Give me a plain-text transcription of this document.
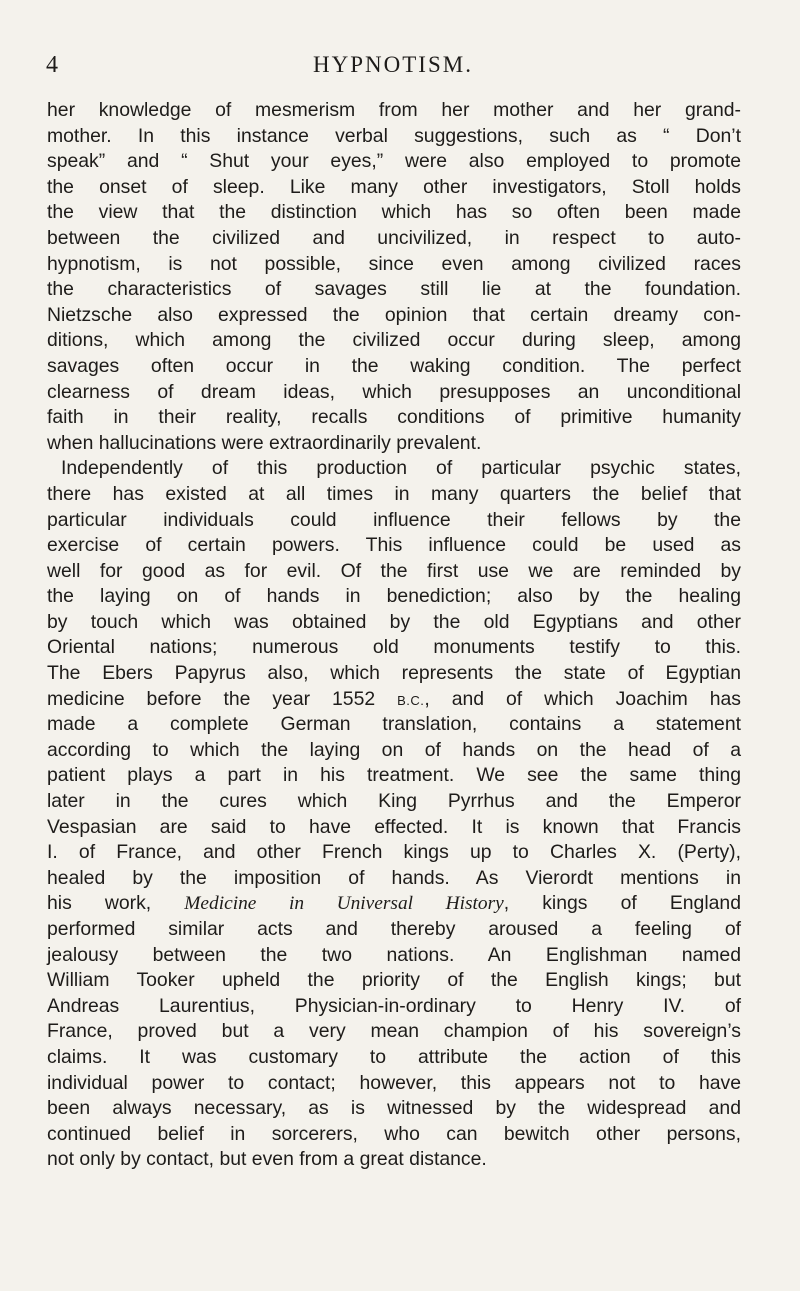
4	HYPNOTISM.
her knowledge of mesmerism from her mother and her grand-
mother. In this instance verbal suggestions, such as “ Don’t
speak” and “ Shut your eyes,” were also employed to promote
the onset of sleep. Like many other investigators, Stoll holds
the view that the distinction which has so often been made
between the civilized and uncivilized, in respect to auto-
hypnotism, is not possible, since even among civilized races
the characteristics of savages still lie at the foundation.
Nietzsche also expressed the opinion that certain dreamy con-
ditions, which among the civilized occur during sleep, among
savages often occur in the waking condition. The perfect
clearness of dream ideas, which presupposes an unconditional
faith in their reality, recalls conditions of primitive humanity
when hallucinations were extraordinarily prevalent.
Independently of this production of particular psychic states,
there has existed at all times in many quarters the belief that
particular individuals could influence their fellows by the
exercise of certain powers. This influence could be used as
well for good as for evil. Of the first use we are reminded by
the laying on of hands in benediction; also by the healing
by touch which was obtained by the old Egyptians and other
Oriental nations; numerous old monuments testify to this.
The Ebers Papyrus also, which represents the state of Egyptian
medicine before the year 1552 B.C., and of which Joachim has
made a complete German translation, contains a statement
according to which the laying on of hands on the head of a
patient plays a part in his treatment. We see the same thing
later in the cures which King Pyrrhus and the Emperor
Vespasian are said to have effected. It is known that Francis
I. of France, and other French kings up to Charles X. (Perty),
healed by the imposition of hands. As Vierordt mentions in
his work, Medicine in Universal History, kings of England
performed similar acts and thereby aroused a feeling of
jealousy between the two nations. An Englishman named
William Tooker upheld the priority of the English kings; but
Andreas Laurentius, Physician-in-ordinary to Henry IV. of
France, proved but a very mean champion of his sovereign’s
claims. It was customary to attribute the action of this
individual power to contact; however, this appears not to have
been always necessary, as is witnessed by the widespread and
continued belief in sorcerers, who can bewitch other persons,
not only by contact, but even from a great distance.
